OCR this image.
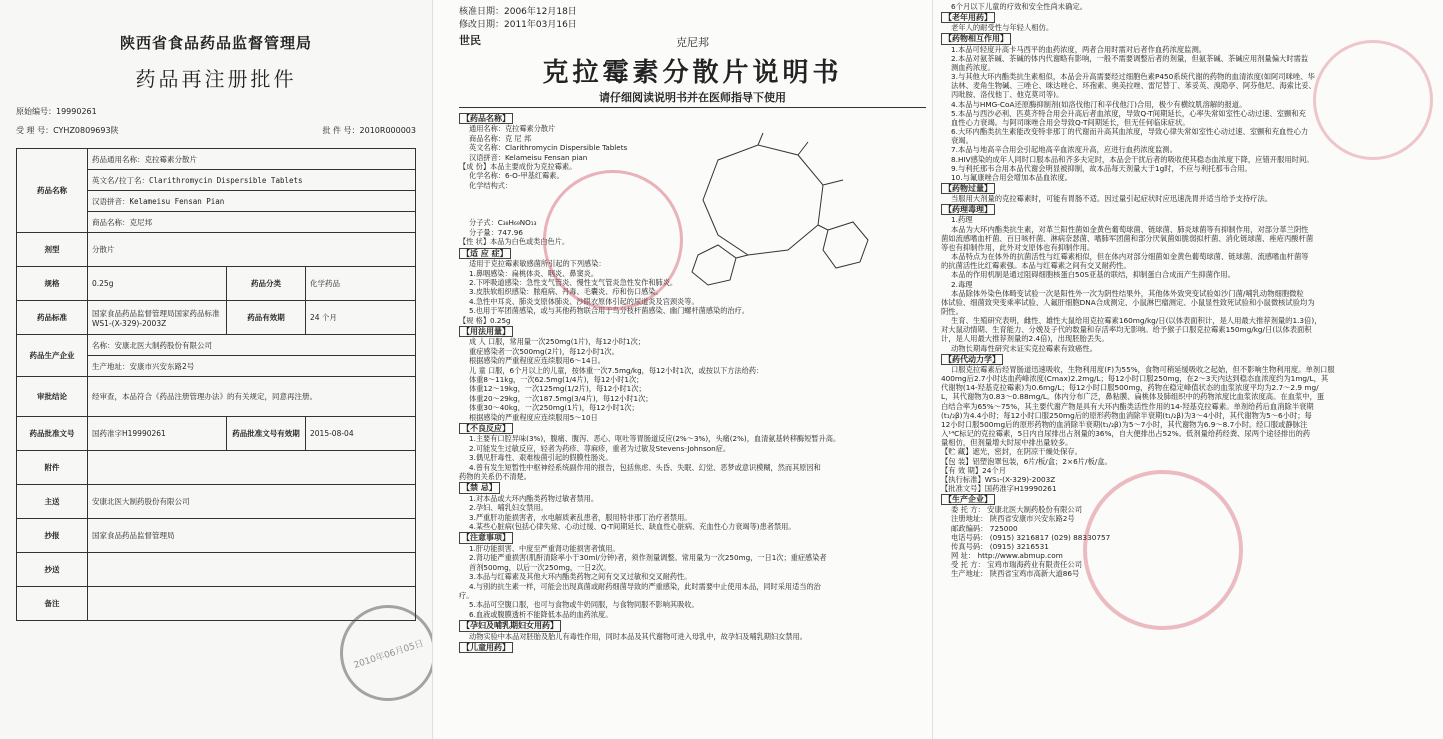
陕西省食品药品监督管理局
药品再注册批件
原始编号：19990261
受 理 号：CYHZ0809693陕	批 件 号：2010R000003
药品名称	药品通用名称：克拉霉素分散片		
	英文名/拉丁名：Clarithromycin Dispersible Tablets		
	汉语拼音：Kelameisu Fensan Pian		
	商品名称：克尼邦		
剂型	分散片		
规格	0.25g	药品分类	化学药品
药品标准	国家食品药品监督管理局国家药品标准WS1-(X-329)-2003Z	药品有效期	24 个月
药品生产企业	名称：安康北医大制药股份有限公司		
	生产地址：安康市兴安东路2号		
审批结论	经审查，本品符合《药品注册管理办法》的有关规定，同意再注册。		
药品批准文号	国药准字H19990261	药品批准文号有效期	2015-08-04
附件			
主送	安康北医大制药股份有限公司		
抄报	国家食品药品监督管理局		
抄送			
备注			
2010年06月05日
核准日期：2006年12月18日
修改日期：2011年03月16日
世民	克尼邦
克拉霉素分散片说明书
请仔细阅读说明书并在医师指导下使用
【药品名称】
通用名称：克拉霉素分散片
商品名称：克 尼 邦
英文名称：Clarithromycin Dispersible Tablets
汉语拼音：Kelameisu Fensan pian
【成 份】本品主要成份为克拉霉素。
化学名称：6-O-甲基红霉素。
化学结构式：

分子式：C₃₈H₆₉NO₁₃
分子量：747.96
【性 状】本品为白色或类白色片。
【适 应 症】
适用于克拉霉素敏感菌所引起的下列感染：
1.鼻咽感染：扁桃体炎、咽炎、鼻窦炎。
2.下呼吸道感染：急性支气管炎、慢性支气管炎急性发作和肺炎。
3.皮肤软组织感染：脓疱病、丹毒、毛囊炎、疖和伤口感染。
4.急性中耳炎、肺炎支原体肺炎、沙眼衣原体引起的尿道炎及宫颈炎等。
5.也用于军团菌感染，或与其他药物联合用于鸟分枝杆菌感染、幽门螺杆菌感染的治疗。
【规 格】0.25g
【用法用量】
成 人 口服，常用量一次250mg(1片)，每12小时1次；
重症感染者一次500mg(2片)，每12小时1次。
根据感染的严重程度应连续服用6～14日。
儿 童 口服，6个月以上的儿童，按体重一次7.5mg/kg，每12小时1次，或按以下方法给药：
体重8～11kg，一次62.5mg(1/4片)，每12小时1次；
体重12～19kg，一次125mg(1/2片)，每12小时1次；
体重20～29kg，一次187.5mg(3/4片)，每12小时1次；
体重30～40kg，一次250mg(1片)，每12小时1次；
根据感染的严重程度应连续服用5～10日
【不良反应】
1.主要有口腔异味(3%)，腹痛、腹泻、恶心、呕吐等胃肠道反应(2%～3%)，头痛(2%)，血清氨基转移酶短暂升高。
2.可能发生过敏反应，轻者为药疹、荨麻疹，重者为过敏及Stevens-Johnson症。
3.偶见肝毒性、艰难梭菌引起的假膜性肠炎。
4.曾有发生短暂性中枢神经系统副作用的报告，包括焦虑、头昏、失眠、幻觉、恶梦或意识模糊，然而其原因和
药物的关系仍不清楚。
【禁 忌】
1.对本品或大环内酯类药物过敏者禁用。
2.孕妇、哺乳妇女禁用。
3.严重肝功能损害者，水电解质紊乱患者，服用特非那丁治疗者禁用。
4.某些心脏病(包括心律失常、心动过缓、Q-T间期延长、缺血性心脏病、充血性心力衰竭等)患者禁用。
【注意事项】
1.肝功能损害、中度至严重肾功能损害者慎用。
2.肾功能严重损害(肌酐清除率小于30ml/分钟)者，须作剂量调整。常用量为一次250mg，一日1次；重症感染者
首剂500mg，以后一次250mg，一日2次。
3.本品与红霉素及其他大环内酯类药物之间有交叉过敏和交叉耐药性。
4.与别的抗生素一样，可能会出现真菌或耐药细菌导致的严重感染，此时需要中止使用本品，同时采用适当的治
疗。
5.本品可空腹口服，也可与食物或牛奶同服，与食物同服不影响其吸收。
6.血液或腹膜透析不能降低本品的血药浓度。
【孕妇及哺乳期妇女用药】
动物实验中本品对胚胎及胎儿有毒性作用，同时本品及其代谢物可进入母乳中，故孕妇及哺乳期妇女禁用。
【儿童用药】
6个月以下儿童的疗效和安全性尚未确定。
【老年用药】
老年人的耐受性与年轻人相仿。
【药物相互作用】
1.本品可轻度升高卡马西平的血药浓度，两者合用时需对后者作血药浓度监测。
2.本品对氨茶碱、茶碱的体内代谢略有影响，一般不需要调整后者的剂量，但氨茶碱、茶碱应用剂量偏大时需监
测血药浓度。
3.与其他大环内酯类抗生素相似，本品会升高需要经过细胞色素P450系统代谢的药物的血清浓度(如阿司咪唑、华
法林、麦角生物碱、三唑仑、咪达唑仑、环孢素、奥美拉唑、雷尼替丁、苯妥英、溴隐亭、阿芬他尼、海索比妥、
丙吡胺、洛伐他丁、他克莫司等)。
4.本品与HMG-CoA还原酶抑制剂(如洛伐他汀和辛伐他汀)合用，极少有横纹肌溶解的报道。
5.本品与西沙必利、匹莫齐特合用会升高后者血浓度，导致Q-T间期延长，心率失常如室性心动过速、室颤和充
血性心力衰竭。与阿司咪唑合用会导致Q-T间期延长，但无任何临床症状。
6.大环内酯类抗生素能改变特非那丁的代谢而升高其血浓度，导致心律失常如室性心动过速、室颤和充血性心力
衰竭。
7.本品与地高辛合用会引起地高辛血浓度升高，应进行血药浓度监测。
8.HIV感染的成年人同时口服本品和齐多夫定时，本品会干扰后者的吸收使其稳态血浓度下降，应错开服用时间。
9.与利托那韦合用本品代谢会明显被抑制，故本品每天剂量大于1g时，不应与利托那韦合用。
10.与氟康唑合用会增加本品血浓度。
【药物过量】
当服用大剂量的克拉霉素时，可能有胃肠不适。因过量引起症状时应迅速洗胃并适当给予支持疗法。
【药理毒理】
1.药理
本品为大环内酯类抗生素，对革兰阳性菌如金黄色葡萄球菌、链球菌、肺炎球菌等有抑制作用，对部分革兰阴性
菌如流感嗜血杆菌、百日咳杆菌、淋病奈瑟菌、嗜肺军团菌和部分厌氧菌如脆弱拟杆菌、消化链球菌、痤疮丙酸杆菌
等也有抑制作用，此外对支原体也有抑制作用。
本品特点为在体外的抗菌活性与红霉素相似，但在体内对部分细菌如金黄色葡萄球菌、链球菌、流感嗜血杆菌等
的抗菌活性比红霉素强。本品与红霉素之间有交叉耐药性。
本品的作用机制是通过阻碍细胞核蛋白50S亚基的联结，抑制蛋白合成而产生抑菌作用。
2.毒理
本品除体外染色体畸变试验一次是阳性外一次为阴性结果外，其他体外致突变试验如沙门菌/哺乳动物细胞微粒
体试验、细菌致突变乘率试验、人氟肝细胞DNA合成测定、小鼠淋巴瘤测定、小鼠显性致死试验和小鼠微核试验均为
阴性。
生育、生殖研究表明，雌性、雄性大鼠给用克拉霉素160mg/kg/日(以体表面积计，是人用最大推荐剂量的1.3倍)，
对大鼠动情期、生育能力、分娩及子代的数量和存活率均无影响。给予猴子口服克拉霉素150mg/kg/日(以体表面积
计，是人用最大推荐剂量的2.4倍)，出现胚胎丢失。
动物长期毒性研究未证实克拉霉素有致癌性。
【药代动力学】
口服克拉霉素后经胃肠道迅速吸收，生物利用度(F)为55%，食物可稍延缓吸收之起始，但不影响生物利用度。单剂口服
400mg后2.7小时达血药峰浓度(Cmax)2.2mg/L；每12小时口服250mg，在2～3天内达到稳态血浓度约为1mg/L，其
代谢物(14-羟基克拉霉素)为0.6mg/L；每12小时口服500mg，药物在稳定峰值状态的血浆浓度平均为2.7～2.9 mg/
L，其代谢物为0.83～0.88mg/L。体内分布广泛，鼻粘膜、扁桃体及肺组织中的药物浓度比血浆浓度高。在血浆中，蛋
白结合率为65%～75%，其主要代谢产物是具有大环内酯类活性作用的14-羟基克拉霉素。单剂给药后血消除半衰期
(t₁/₂β)为4.4小时；每12小时口服250mg后的原形药物血消除半衰期(t₁/₂β)为3～4小时，其代谢物为5～6小时；每
12小时口服500mg后的原形药物的血消除半衰期(t₁/₂β)为5～7小时，其代谢物为6.9～8.7小时。经口服或静脉注
入¹⁴C标记的克拉霉素，5日内自尿排出占剂量的36%，自大便排出占52%。低剂量给药经粪、尿两个途径排出的药
量相仿，但剂量增大时尿中排出量较多。
【贮 藏】遮光，密封，在阴凉干燥处保存。
【包 装】铝塑泡罩包装，6片/板/盒；2×6片/板/盒。
【有 效 期】24个月
【执行标准】WS₁-(X-329)-2003Z
【批准文号】国药准字H19990261
【生产企业】
委 托 方： 安康北医大制药股份有限公司
注册地址： 陕西省安康市兴安东路2号
邮政编码： 725000
电话号码： (0915) 3216817 (029) 88330757
传真号码： (0915) 3216531
网 址： http://www.abmup.com
受 托 方： 宝鸡市瑞海药业有限责任公司
生产地址： 陕西省宝鸡市高新大道86号
